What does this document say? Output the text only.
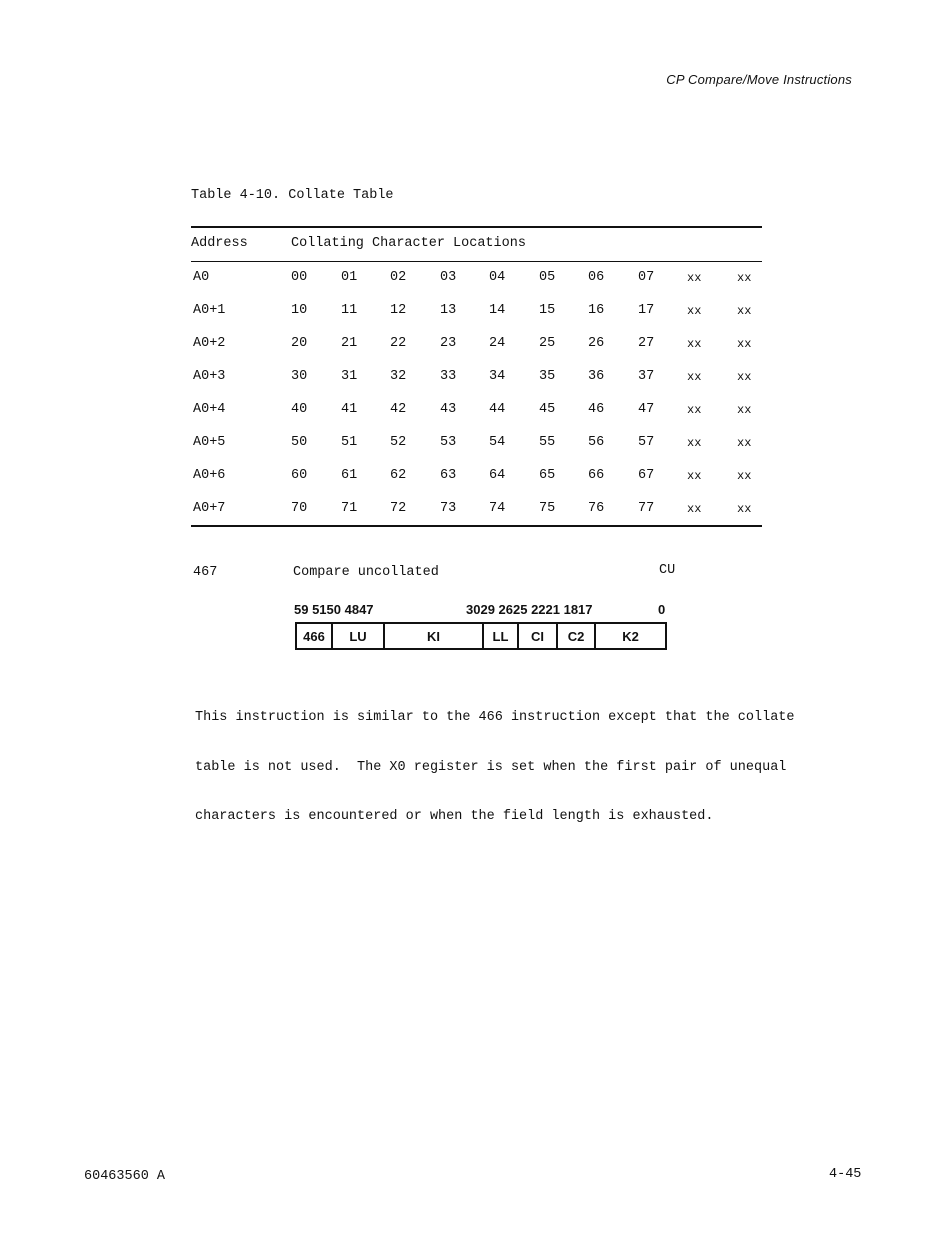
CP Compare/Move Instructions
Table 4-10. Collate Table
Address	Collating Character Locations
A0	00	01 02	03 04	05 06	07	xx	xx
A0+1	10	11 12	13 14	15 16	17	xx	xx
A0+2	20	21 22	23 24	25 26	27	xx	xx
A0+3	30	31 32	33 34	35 36	37	xx	xx
A0+4	40	41 42	43 44	45 46	47	xx	xx
A0+5	50	51 52	53 54	55 56	57	xx	xx
A0+6	60	61 62	63 64	65 66	67	xx	xx
A0+7	70	71 72	73 74	75 76	77	xx	xx
467	Compare uncollated	CU
59 5150 4847	3029 2625 2221 1817	0
466	LU	KI	LL	CI	C2	K2

This instruction is similar to the 466 instruction except that the collate

table is not used.  The X0 register is set when the first pair of unequal

characters is encountered or when the field length is exhausted.

60463560 A	4-45
